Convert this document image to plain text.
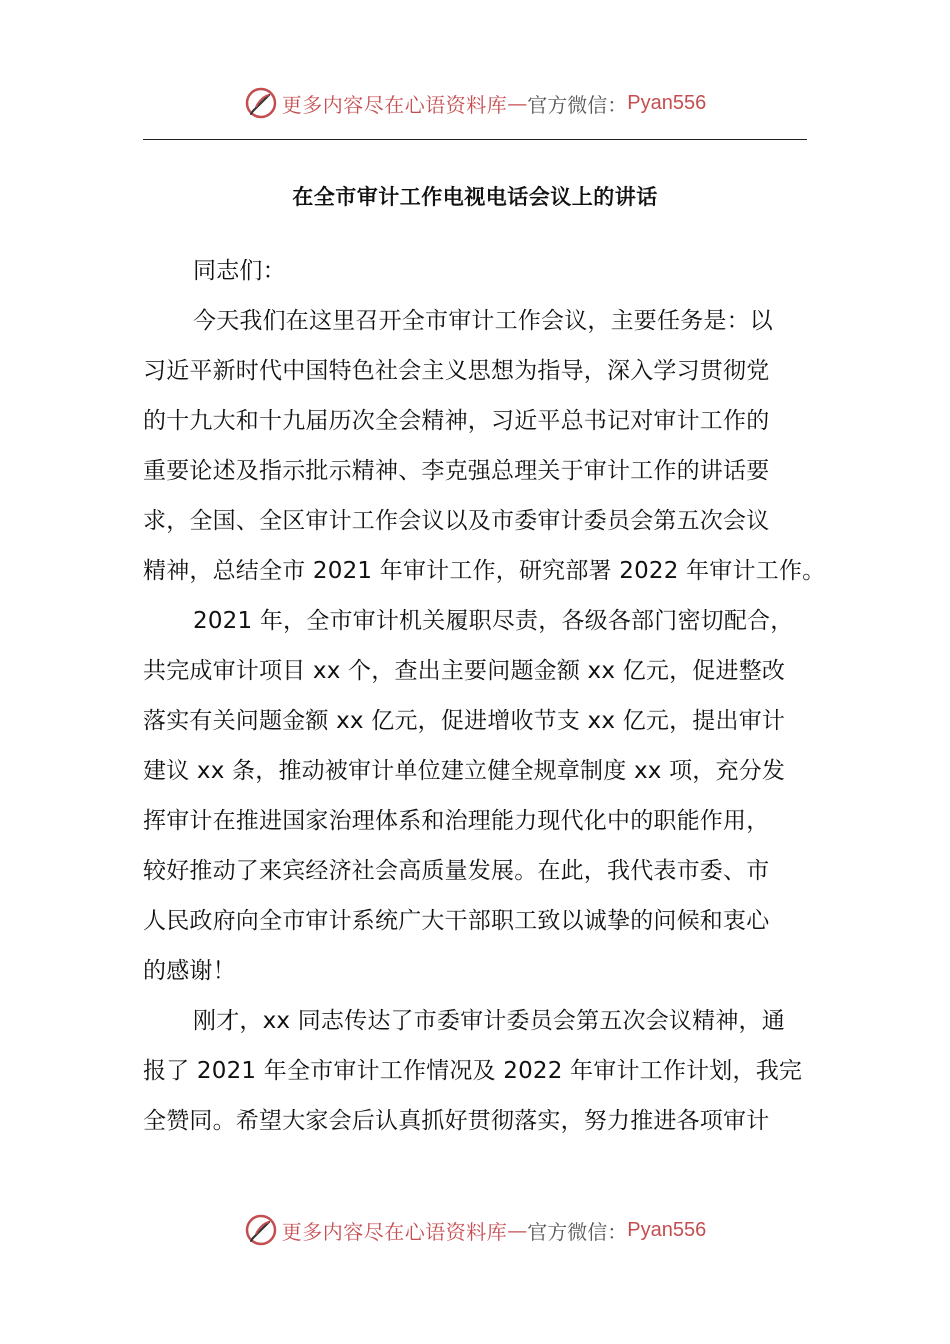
更多内容尽在心语资料库 — 官方微信： Pyan556
在全市审计工作电视电话会议上的讲话
同志们：
今天我们在这里召开全市审计工作会议，主要任务是：以
习近平新时代中国特色社会主义思想为指导，深入学习贯彻党
的十九大和十九届历次全会精神，习近平总书记对审计工作的
重要论述及指示批示精神、李克强总理关于审计工作的讲话要
求，全国、全区审计工作会议以及市委审计委员会第五次会议
精神，总结全市 2021 年审计工作，研究部署 2022 年审计工作。
2021 年，全市审计机关履职尽责，各级各部门密切配合，
共完成审计项目 xx 个，查出主要问题金额 xx 亿元，促进整改
落实有关问题金额 xx 亿元，促进增收节支 xx 亿元，提出审计
建议 xx 条，推动被审计单位建立健全规章制度 xx 项，充分发
挥审计在推进国家治理体系和治理能力现代化中的职能作用，
较好推动了来宾经济社会高质量发展。在此，我代表市委、市
人民政府向全市审计系统广大干部职工致以诚挚的问候和衷心
的感谢！
刚才，xx 同志传达了市委审计委员会第五次会议精神，通
报了 2021 年全市审计工作情况及 2022 年审计工作计划，我完
全赞同。希望大家会后认真抓好贯彻落实，努力推进各项审计
更多内容尽在心语资料库 — 官方微信： Pyan556
